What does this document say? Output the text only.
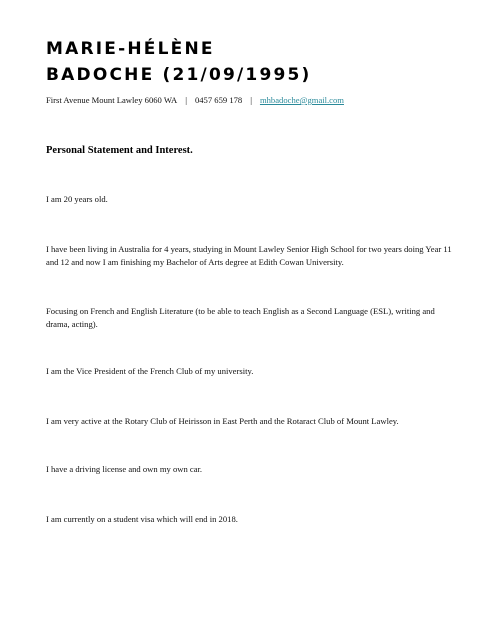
MARIE-HÉLÈNE
BADOCHE (21/09/1995)
First Avenue Mount Lawley 6060 WA | 0457 659 178 | mhbadoche@gmail.com
Personal Statement and Interest.
I am 20 years old.
I have been living in Australia for 4 years, studying in Mount Lawley Senior High School for two years doing Year 11 and 12 and now I am finishing my Bachelor of Arts degree at Edith Cowan University.
Focusing on French and English Literature (to be able to teach English as a Second Language (ESL), writing and drama, acting).
I am the Vice President of the French Club of my university.
I am very active at the Rotary Club of Heirisson in East Perth and the Rotaract Club of Mount Lawley.
I have a driving license and own my own car.
I am currently on a student visa which will end in 2018.
